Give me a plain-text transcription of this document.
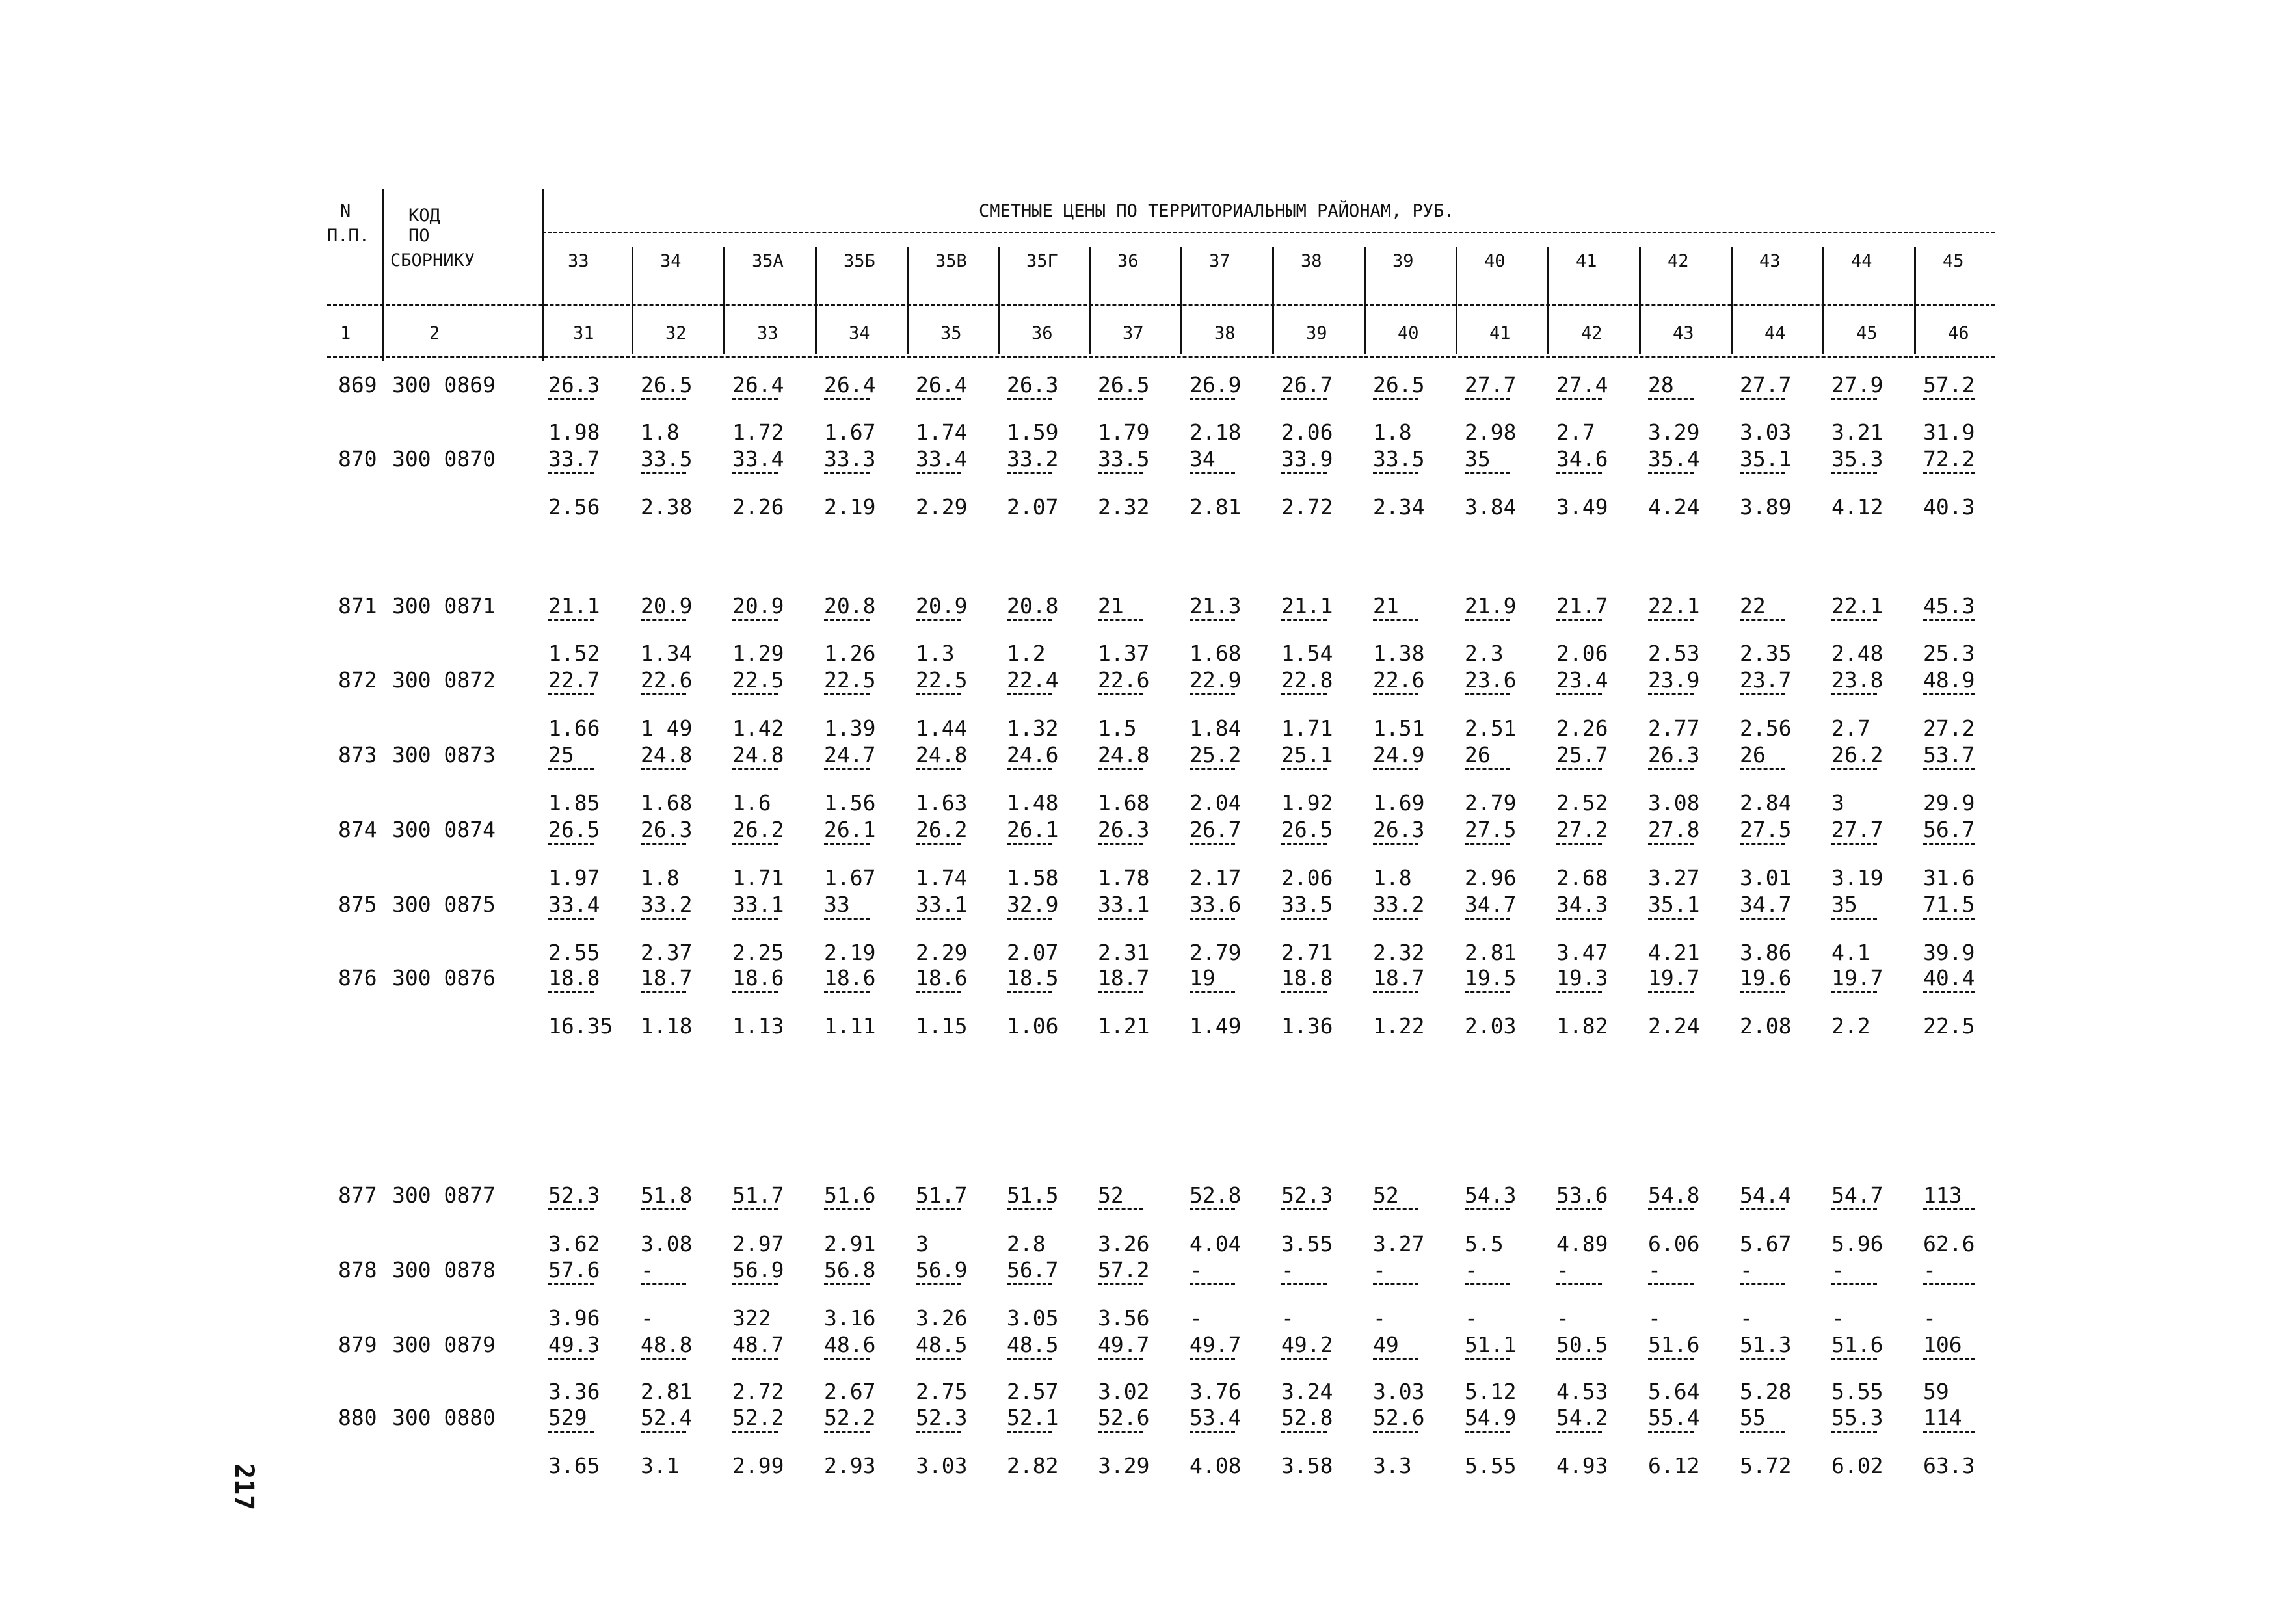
N
П.П.
КОД
ПО
СБОРНИКУ
СМЕТНЫЕ ЦЕНЫ ПО ТЕРРИТОРИАЛЬНЫМ РАЙОНАМ, РУБ.
33	34	35А	35Б	35В	35Г	36	37	38	39	40	41	42	43	44	45
1	2	31	32	33	34	35	36	37	38	39	40	41	42	43	44	45	46
869 300 0869 26.3 26.5 26.4 26.4 26.4 26.3 26.5 26.9 26.7 26.5 27.7 27.4 28	27.7 27.9 57.2
1.98 1.8 1.72 1.67 1.74 1.59 1.79 2.18 2.06 1.8 2.98 2.7 3.29 3.03 3.21 31.9
870 300 0870 33.7 33.5 33.4 33.3 33.4 33.2 33.5 34	33.9 33.5 35	34.6 35.4 35.1 35.3 72.2
2.56 2.38 2.26 2.19 2.29 2.07 2.32 2.81 2.72 2.34 3.84 3.49 4.24 3.89 4.12 40.3
871 300 0871 21.1 20.9 20.9 20.8 20.9 20.8 21	21.3 21.1 21	21.9 21.7 22.1 22	22.1 45.3
1.52 1.34 1.29 1.26 1.3 1.2 1.37 1.68 1.54 1.38 2.3 2.06 2.53 2.35 2.48 25.3
872 300 0872 22.7 22.6 22.5 22.5 22.5 22.4 22.6 22.9 22.8 22.6 23.6 23.4 23.9 23.7 23.8 48.9
1.66 1 49 1.42 1.39 1.44 1.32 1.5 1.84 1.71 1.51 2.51 2.26 2.77 2.56 2.7 27.2
873 300 0873 25	24.8 24.8 24.7 24.8 24.6 24.8 25.2 25.1 24.9 26	25.7 26.3 26	26.2 53.7
1.85 1.68 1.6 1.56 1.63 1.48 1.68 2.04 1.92 1.69 2.79 2.52 3.08 2.84 3	29.9
874 300 0874 26.5 26.3 26.2 26.1 26.2 26.1 26.3 26.7 26.5 26.3 27.5 27.2 27.8 27.5 27.7 56.7
1.97 1.8 1.71 1.67 1.74 1.58 1.78 2.17 2.06 1.8 2.96 2.68 3.27 3.01 3.19 31.6
875 300 0875 33.4 33.2 33.1 33	33.1 32.9 33.1 33.6 33.5 33.2 34.7 34.3 35.1 34.7 35	71.5
2.55 2.37 2.25 2.19 2.29 2.07 2.31 2.79 2.71 2.32 2.81 3.47 4.21 3.86 4.1 39.9
876 300 0876 18.8 18.7 18.6 18.6 18.6 18.5 18.7 19	18.8 18.7 19.5 19.3 19.7 19.6 19.7 40.4
16.35 1.18 1.13 1.11 1.15 1.06 1.21 1.49 1.36 1.22 2.03 1.82 2.24 2.08 2.2 22.5
877 300 0877 52.3 51.8 51.7 51.6 51.7 51.5 52	52.8 52.3 52	54.3 53.6 54.8 54.4 54.7 113
3.62 3.08 2.97 2.91 3	2.8 3.26 4.04 3.55 3.27 5.5 4.89 6.06 5.67 5.96 62.6
878 300 0878 57.6 -	56.9 56.8 56.9 56.7 57.2 -	-	-	-	-	-	-	-	-
3.96 -	322 3.16 3.26 3.05 3.56 -	-	-	-	-	-	-	-	-
879 300 0879 49.3 48.8 48.7 48.6 48.5 48.5 49.7 49.7 49.2 49	51.1 50.5 51.6 51.3 51.6 106
3.36 2.81 2.72 2.67 2.75 2.57 3.02 3.76 3.24 3.03 5.12 4.53 5.64 5.28 5.55 59
880 300 0880 529 52.4 52.2 52.2 52.3 52.1 52.6 53.4 52.8 52.6 54.9 54.2 55.4 55	55.3 114
3.65 3.1 2.99 2.93 3.03 2.82 3.29 4.08 3.58 3.3 5.55 4.93 6.12 5.72 6.02 63.3
217
